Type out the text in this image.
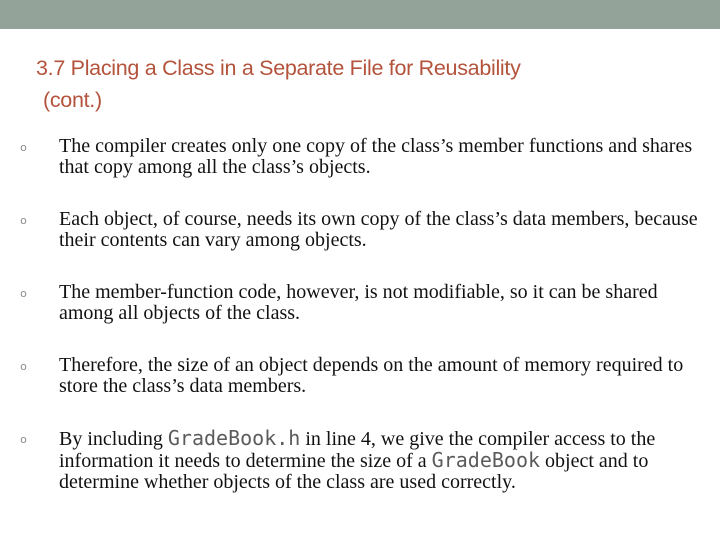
3.7 Placing a Class in a Separate File for Reusability
(cont.)
o The compiler creates only one copy of the class’s member functions and shares that copy among all the class’s objects.
o Each object, of course, needs its own copy of the class’s data members, because their contents can vary among objects.
o The member-function code, however, is not modifiable, so it can be shared among all objects of the class.
o Therefore, the size of an object depends on the amount of memory required to store the class’s data members.
o By including GradeBook.h in line 4, we give the compiler access to the information it needs to determine the size of a GradeBook object and to determine whether objects of the class are used correctly.
